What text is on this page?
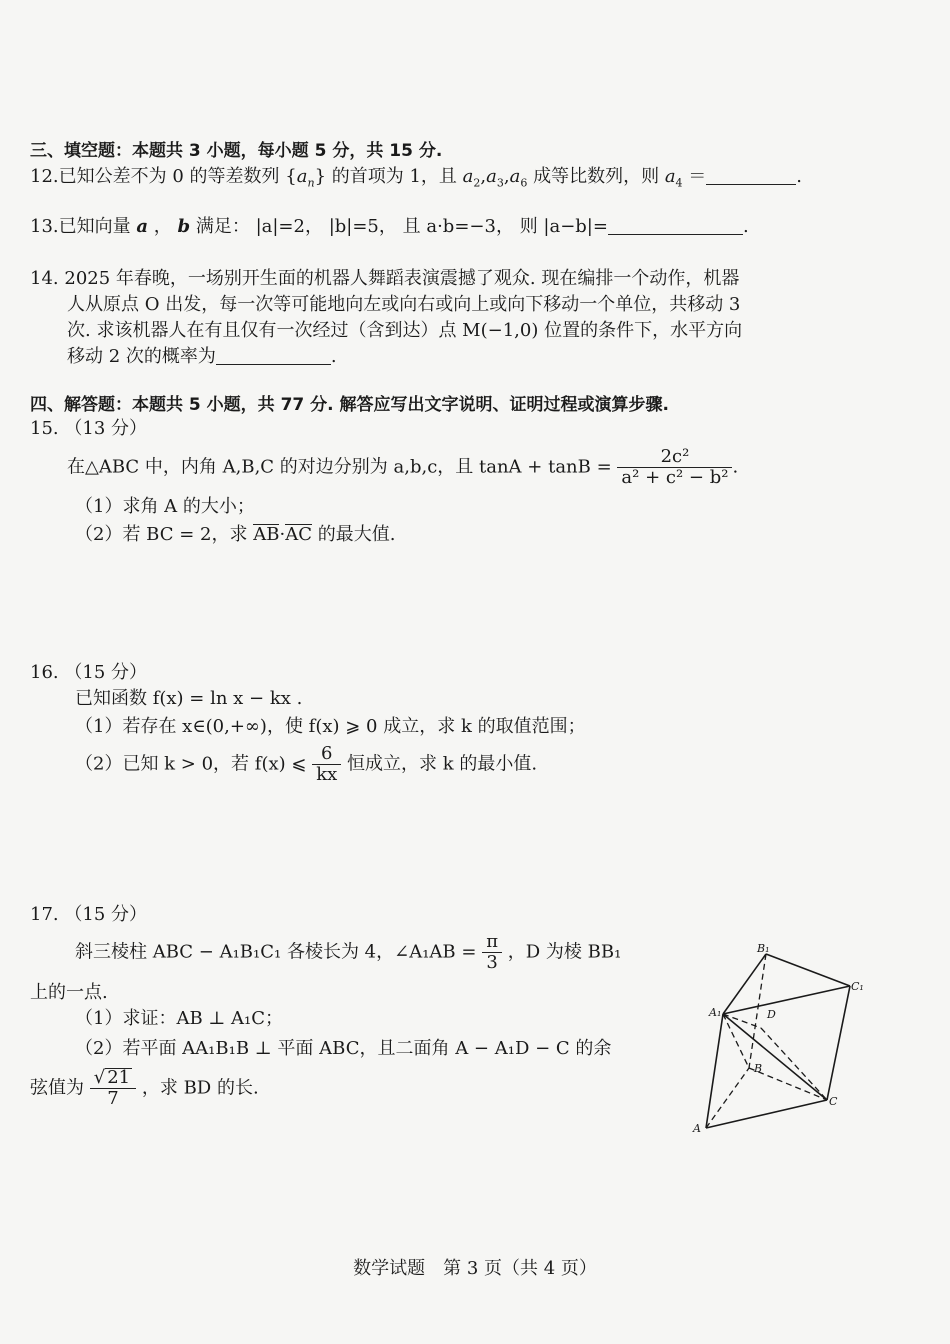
三、填空题：本题共 3 小题，每小题 5 分，共 15 分.
12.已知公差不为 0 的等差数列 $\{a_n\}$ 的首项为 1，且 $a_2,a_3,a_6$ 成等比数列，则 $a_4$ ＝	.
13.已知向量 a ， b 满足： |a|=2， |b|=5， 且 a·b=−3， 则 |a−b|=	.
14. 2025 年春晚，一场别开生面的机器人舞蹈表演震撼了观众. 现在编排一个动作，机器
人从原点 O 出发，每一次等可能地向左或向右或向上或向下移动一个单位，共移动 3
次. 求该机器人在有且仅有一次经过（含到达）点 M(−1,0) 位置的条件下，水平方向
移动 2 次的概率为	.
四、解答题：本题共 5 小题，共 77 分. 解答应写出文字说明、证明过程或演算步骤.
15. （13 分）
在△ABC 中，内角 A,B,C 的对边分别为 a,b,c，且 $\tan A + \tan B = \frac{\text{2c²}}{\text{a² + c² − b²}}$ .
（1）求角 A 的大小；
（2）若 BC = 2，求 AB·AC 的最大值.
16. （15 分）
已知函数 f(x) = ln x − kx .
（1）若存在 x∈(0,+∞)，使 f(x) ⩾ 0 成立，求 k 的取值范围；
（2）已知 k > 0，若 f(x) ⩽ $\frac{6}{kx}$ 恒成立，求 k 的最小值.
17. （15 分）
斜三棱柱 ABC − A₁B₁C₁ 各棱长为 4，∠A₁AB = $\frac{\pi}{3}$ ，D 为棱 BB₁
上的一点.
（1）求证：AB ⊥ A₁C；
（2）若平面 AA₁B₁B ⊥ 平面 ABC，且二面角 A − A₁D − C 的余
弦值为 $\frac{√ 21}{7}$ ，求 BD 的长.
B₁
C₁
A₁	D
B
C
A
数学试题　第 3 页（共 4 页）
